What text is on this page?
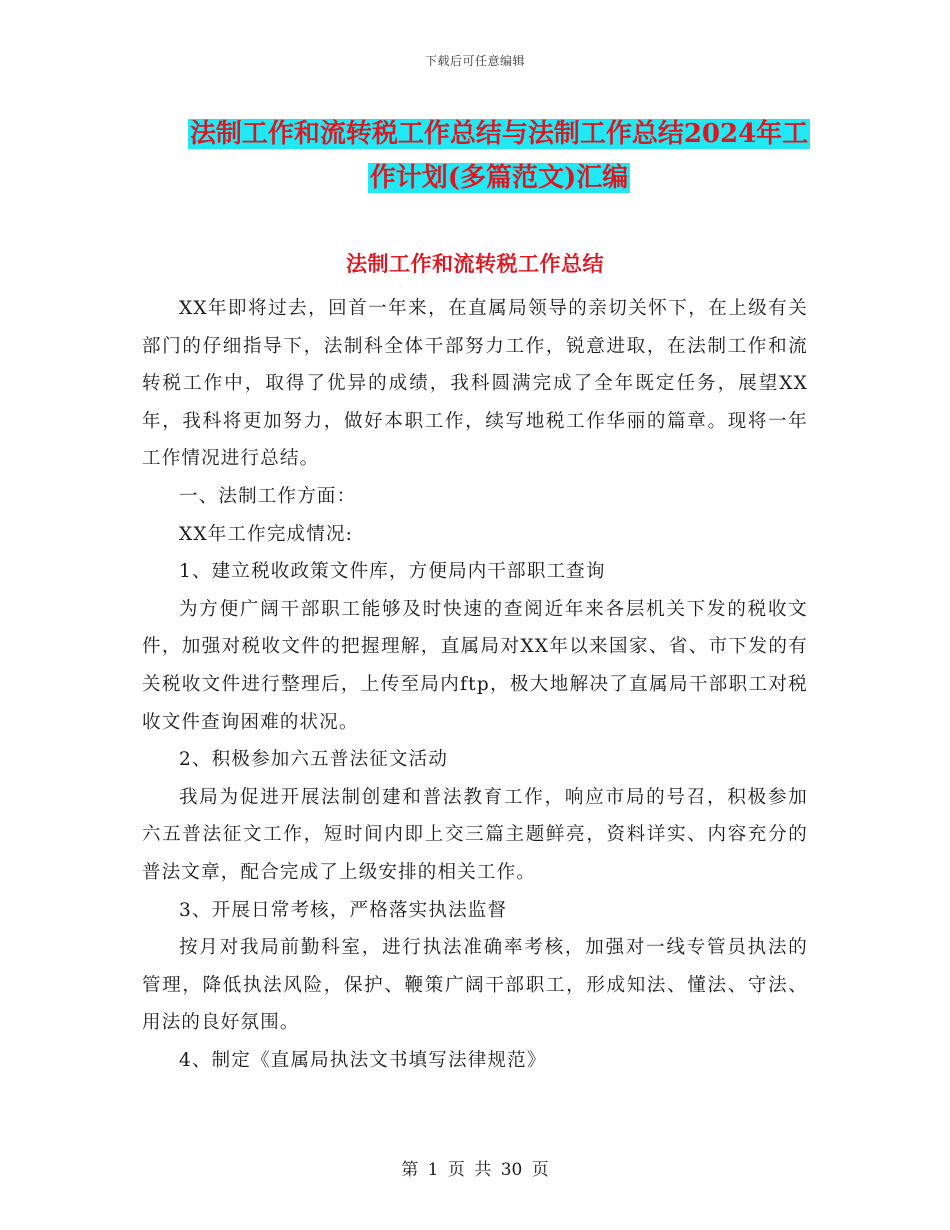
下载后可任意编辑
法制工作和流转税工作总结与法制工作总结2024年工
作计划(多篇范文)汇编
法制工作和流转税工作总结

XX年即将过去，回首一年来，在直属局领导的亲切关怀下，在上级有关部门的仔细指导下，法制科全体干部努力工作，锐意进取，在法制工作和流转税工作中，取得了优异的成绩，我科圆满完成了全年既定任务，展望XX年，我科将更加努力，做好本职工作，续写地税工作华丽的篇章。现将一年工作情况进行总结。

一、法制工作方面：

XX年工作完成情况:

1、建立税收政策文件库，方便局内干部职工查询

为方便广阔干部职工能够及时快速的查阅近年来各层机关下发的税收文件，加强对税收文件的把握理解，直属局对XX年以来国家、省、市下发的有关税收文件进行整理后，上传至局内ftp，极大地解决了直属局干部职工对税收文件查询困难的状况。

2、积极参加六五普法征文活动

我局为促进开展法制创建和普法教育工作，响应市局的号召，积极参加六五普法征文工作，短时间内即上交三篇主题鲜亮，资料详实、内容充分的普法文章，配合完成了上级安排的相关工作。

3、开展日常考核，严格落实执法监督

按月对我局前勤科室，进行执法准确率考核，加强对一线专管员执法的管理，降低执法风险，保护、鞭策广阔干部职工，形成知法、懂法、守法、用法的良好氛围。

4、制定《直属局执法文书填写法律规范》

第 1 页 共 30 页
